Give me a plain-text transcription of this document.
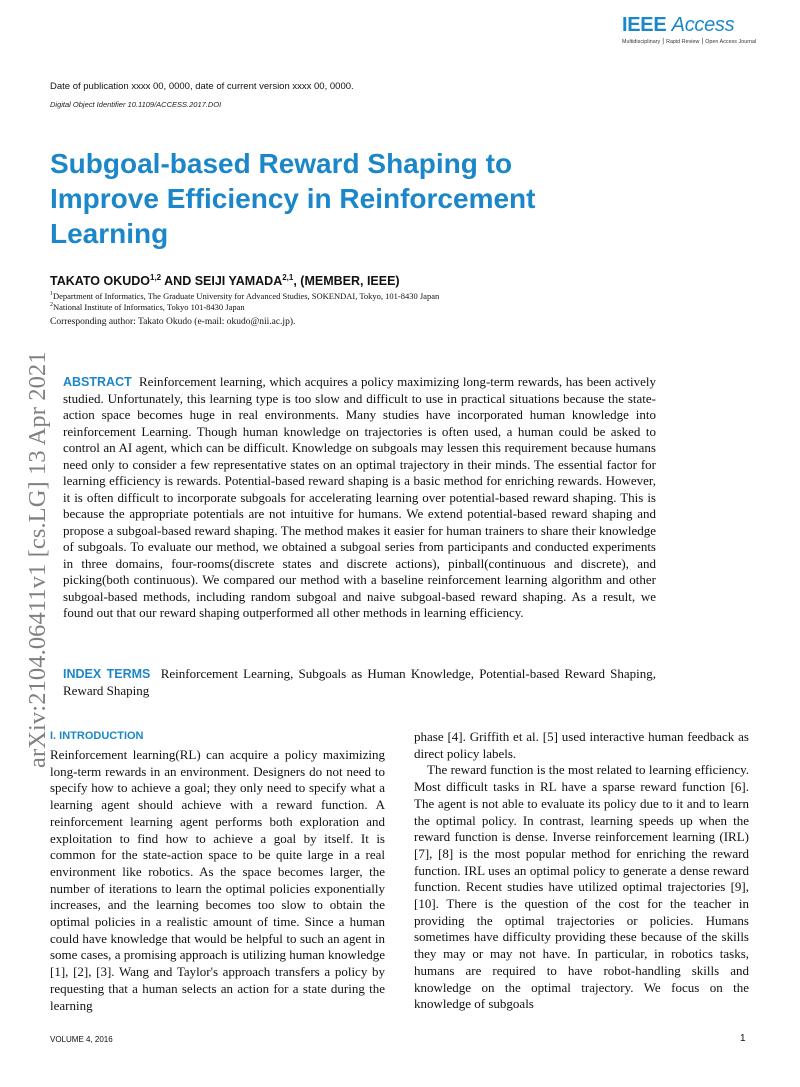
IEEE Access
Multidisciplinary ⎮ Rapid Review ⎮ Open Access Journal
Date of publication xxxx 00, 0000, date of current version xxxx 00, 0000.
Digital Object Identifier 10.1109/ACCESS.2017.DOI
Subgoal-based Reward Shaping to
Improve Efficiency in Reinforcement
Learning
TAKATO OKUDO$^{1,2}$ AND SEIJI YAMADA$^{2,1}$, (MEMBER, IEEE)
$^1$Department of Informatics, The Graduate University for Advanced Studies, SOKENDAI, Tokyo, 101-8430 Japan
$^2$National Institute of Informatics, Tokyo 101-8430 Japan
Corresponding author: Takato Okudo (e-mail: okudo@nii.ac.jp).
arXiv:2104.06411v1 [cs.LG] 13 Apr 2021 ABSTRACT Reinforcement learning, which acquires a policy maximizing long-term rewards, has been actively studied. Unfortunately, this learning type is too slow and difficult to use in practical situations because the state-action space becomes huge in real environments. Many studies have incorporated human knowledge into reinforcement Learning. Though human knowledge on trajectories is often used, a human could be asked to control an AI agent, which can be difficult. Knowledge on subgoals may lessen this requirement because humans need only to consider a few representative states on an optimal trajectory in their minds. The essential factor for learning efficiency is rewards. Potential-based reward shaping is a basic method for enriching rewards. However, it is often difficult to incorporate subgoals for accelerating learning over potential-based reward shaping. This is because the appropriate potentials are not intuitive for humans. We extend potential-based reward shaping and propose a subgoal-based reward shaping. The method makes it easier for human trainers to share their knowledge of subgoals. To evaluate our method, we obtained a subgoal series from participants and conducted experiments in three domains, four-rooms(discrete states and discrete actions), pinball(continuous and discrete), and picking(both continuous). We compared our method with a baseline reinforcement learning algorithm and other subgoal-based methods, including random subgoal and naive subgoal-based reward shaping. As a result, we found out that our reward shaping outperformed all other methods in learning efficiency.
INDEX TERMS Reinforcement Learning, Subgoals as Human Knowledge, Potential-based Reward Shaping, Reward Shaping
I. INTRODUCTION

Reinforcement learning(RL) can acquire a policy maximizing long-term rewards in an environment. Designers do not need to specify how to achieve a goal; they only need to specify what a learning agent should achieve with a reward function. A reinforcement learning agent performs both exploration and exploitation to find how to achieve a goal by itself. It is common for the state-action space to be quite large in a real environment like robotics. As the space becomes larger, the number of iterations to learn the optimal policies exponentially increases, and the learning becomes too slow to obtain the optimal policies in a realistic amount of time. Since a human could have knowledge that would be helpful to such an agent in some cases, a promising approach is utilizing human knowledge [1], [2], [3]. Wang and Taylor's approach transfers a policy by requesting that a human selects an action for a state during the learning

phase [4]. Griffith et al. [5] used interactive human feedback as direct policy labels.

The reward function is the most related to learning efficiency. Most difficult tasks in RL have a sparse reward function [6]. The agent is not able to evaluate its policy due to it and to learn the optimal policy. In contrast, learning speeds up when the reward function is dense. Inverse reinforcement learning (IRL) [7], [8] is the most popular method for enriching the reward function. IRL uses an optimal policy to generate a dense reward function. Recent studies have utilized optimal trajectories [9], [10]. There is the question of the cost for the teacher in providing the optimal trajectories or policies. Humans sometimes have difficulty providing these because of the skills they may or may not have. In particular, in robotics tasks, humans are required to have robot-handling skills and knowledge on the optimal trajectory. We focus on the knowledge of subgoals

VOLUME 4, 2016	1
